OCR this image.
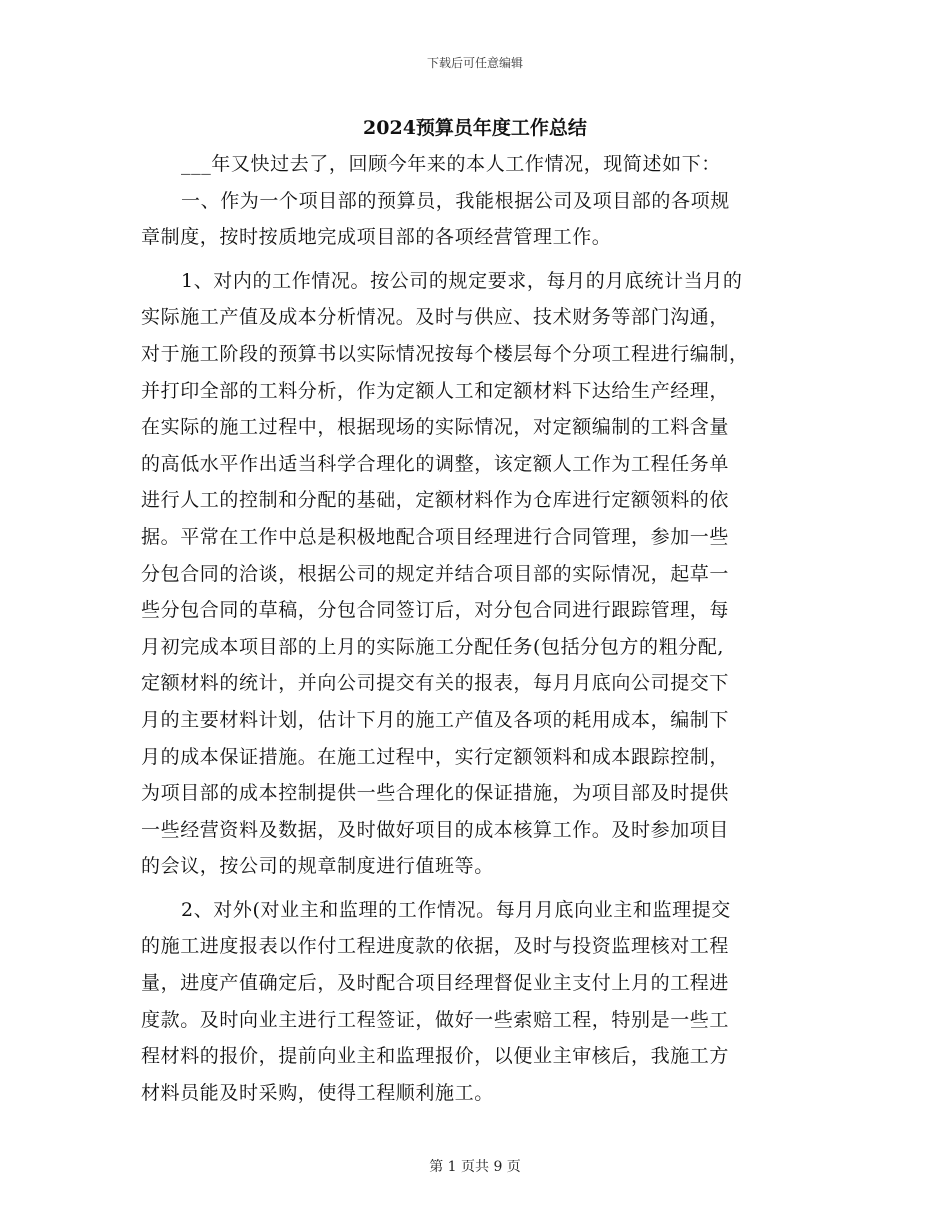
下载后可任意编辑
2024预算员年度工作总结
___年又快过去了，回顾今年来的本人工作情况，现简述如下：
一、作为一个项目部的预算员，我能根据公司及项目部的各项规
章制度，按时按质地完成项目部的各项经营管理工作。
1、对内的工作情况。按公司的规定要求，每月的月底统计当月的
实际施工产值及成本分析情况。及时与供应、技术财务等部门沟通，
对于施工阶段的预算书以实际情况按每个楼层每个分项工程进行编制，
并打印全部的工料分析，作为定额人工和定额材料下达给生产经理，
在实际的施工过程中，根据现场的实际情况，对定额编制的工料含量
的高低水平作出适当科学合理化的调整，该定额人工作为工程任务单
进行人工的控制和分配的基础，定额材料作为仓库进行定额领料的依
据。平常在工作中总是积极地配合项目经理进行合同管理，参加一些
分包合同的洽谈，根据公司的规定并结合项目部的实际情况，起草一
些分包合同的草稿，分包合同签订后，对分包合同进行跟踪管理，每
月初完成本项目部的上月的实际施工分配任务(包括分包方的粗分配,
定额材料的统计，并向公司提交有关的报表，每月月底向公司提交下
月的主要材料计划，估计下月的施工产值及各项的耗用成本，编制下
月的成本保证措施。在施工过程中，实行定额领料和成本跟踪控制，
为项目部的成本控制提供一些合理化的保证措施，为项目部及时提供
一些经营资料及数据，及时做好项目的成本核算工作。及时参加项目
的会议，按公司的规章制度进行值班等。
2、对外(对业主和监理的工作情况。每月月底向业主和监理提交
的施工进度报表以作付工程进度款的依据，及时与投资监理核对工程
量，进度产值确定后，及时配合项目经理督促业主支付上月的工程进
度款。及时向业主进行工程签证，做好一些索赔工程，特别是一些工
程材料的报价，提前向业主和监理报价，以便业主审核后，我施工方
材料员能及时采购，使得工程顺利施工。
第 1 页共 9 页
